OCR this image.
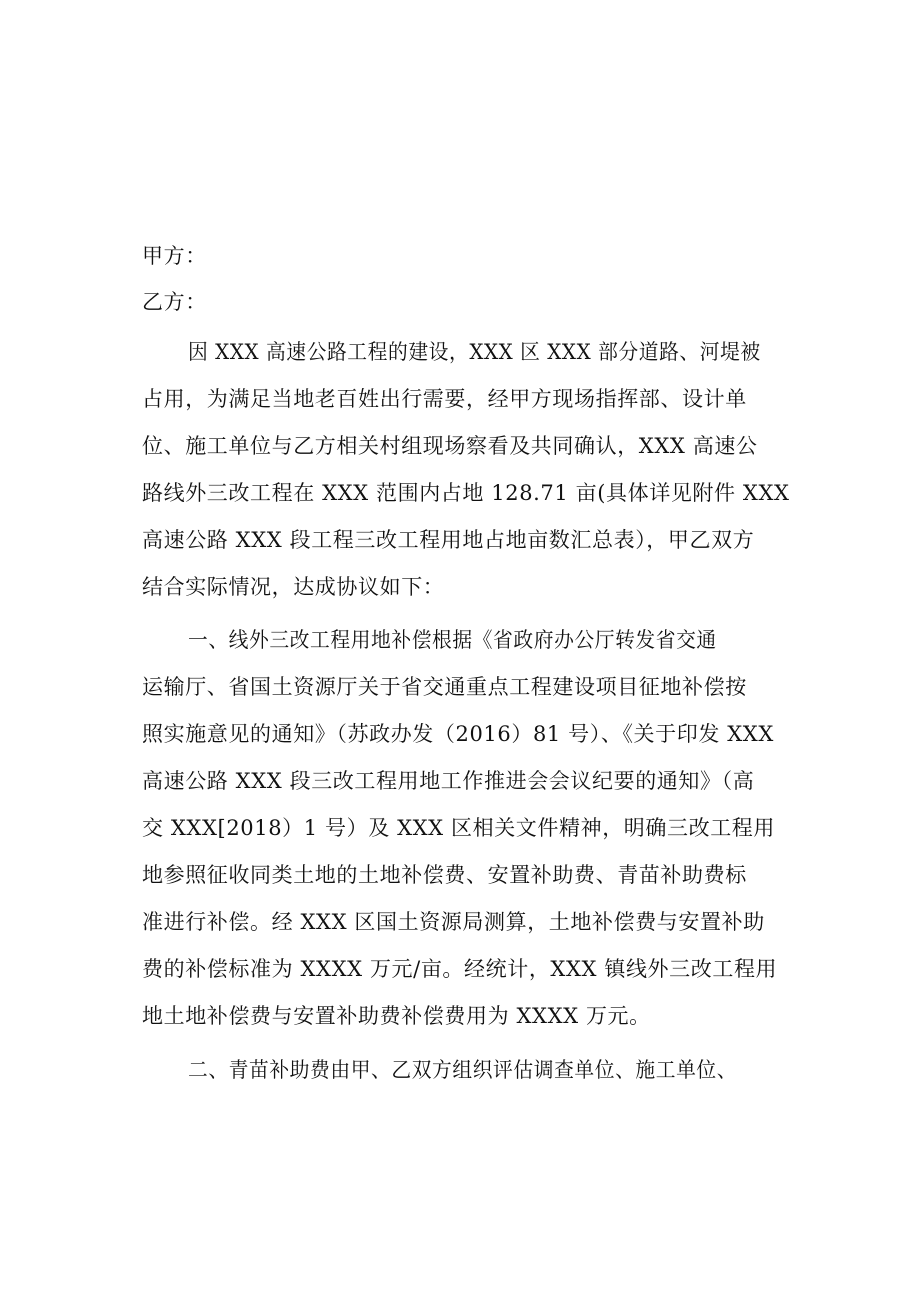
甲方：
乙方：
因 XXX 高速公路工程的建设，XXX 区 XXX 部分道路、河堤被
占用，为满足当地老百姓出行需要，经甲方现场指挥部、设计单
位、施工单位与乙方相关村组现场察看及共同确认，XXX 高速公
路线外三改工程在 XXX 范围内占地 128.71 亩(具体详见附件 XXX
高速公路 XXX 段工程三改工程用地占地亩数汇总表），甲乙双方
结合实际情况，达成协议如下：
一、线外三改工程用地补偿根据《省政府办公厅转发省交通
运输厅、省国土资源厅关于省交通重点工程建设项目征地补偿按
照实施意见的通知》（苏政办发（2016）81 号）、《关于印发 XXX
高速公路 XXX 段三改工程用地工作推进会会议纪要的通知》（高
交 XXX[2018）1 号）及 XXX 区相关文件精神，明确三改工程用
地参照征收同类土地的土地补偿费、安置补助费、青苗补助费标
准进行补偿。经 XXX 区国土资源局测算，土地补偿费与安置补助
费的补偿标准为 XXXX 万元/亩。经统计，XXX 镇线外三改工程用
地土地补偿费与安置补助费补偿费用为 XXXX 万元。
二、青苗补助费由甲、乙双方组织评估调查单位、施工单位、
